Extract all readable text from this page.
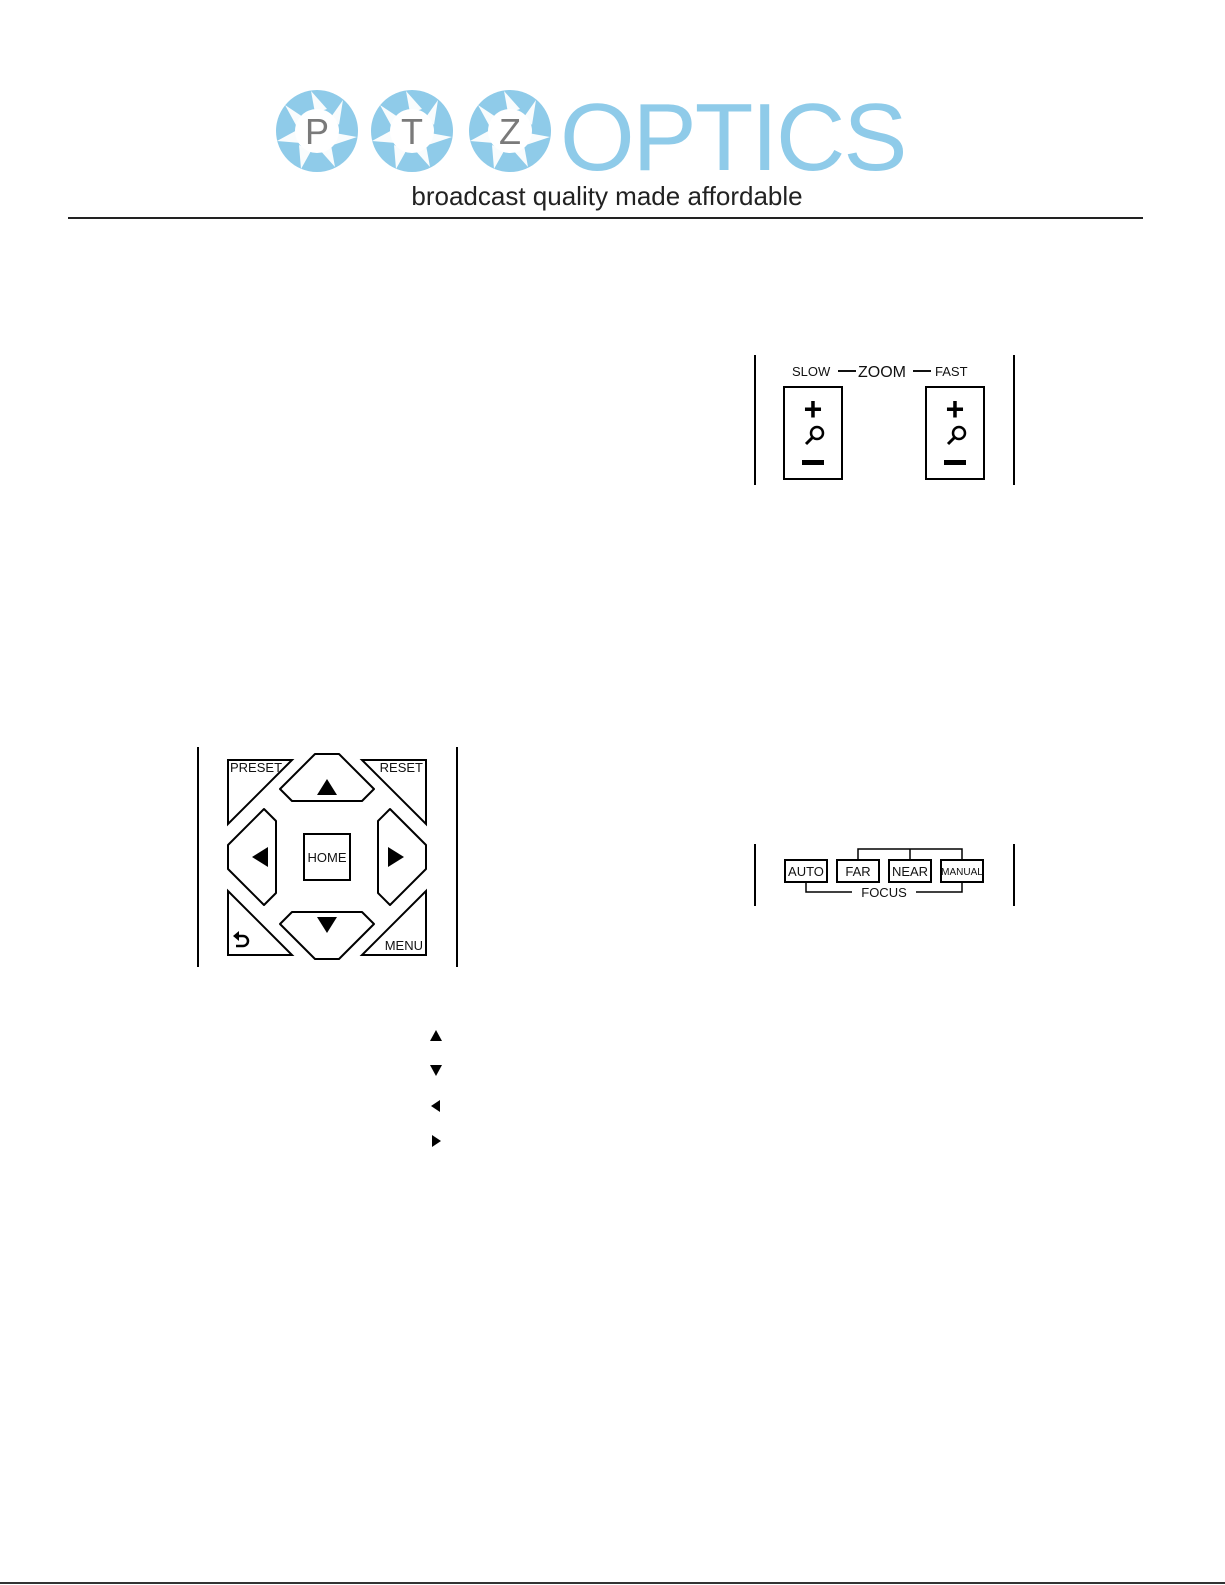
P T Z OPTICS
broadcast quality made affordable
SLOW ZOOM FAST
+	+
PRESET	RESET
MENU
HOME
AUTO FAR NEAR MANUAL
FOCUS
